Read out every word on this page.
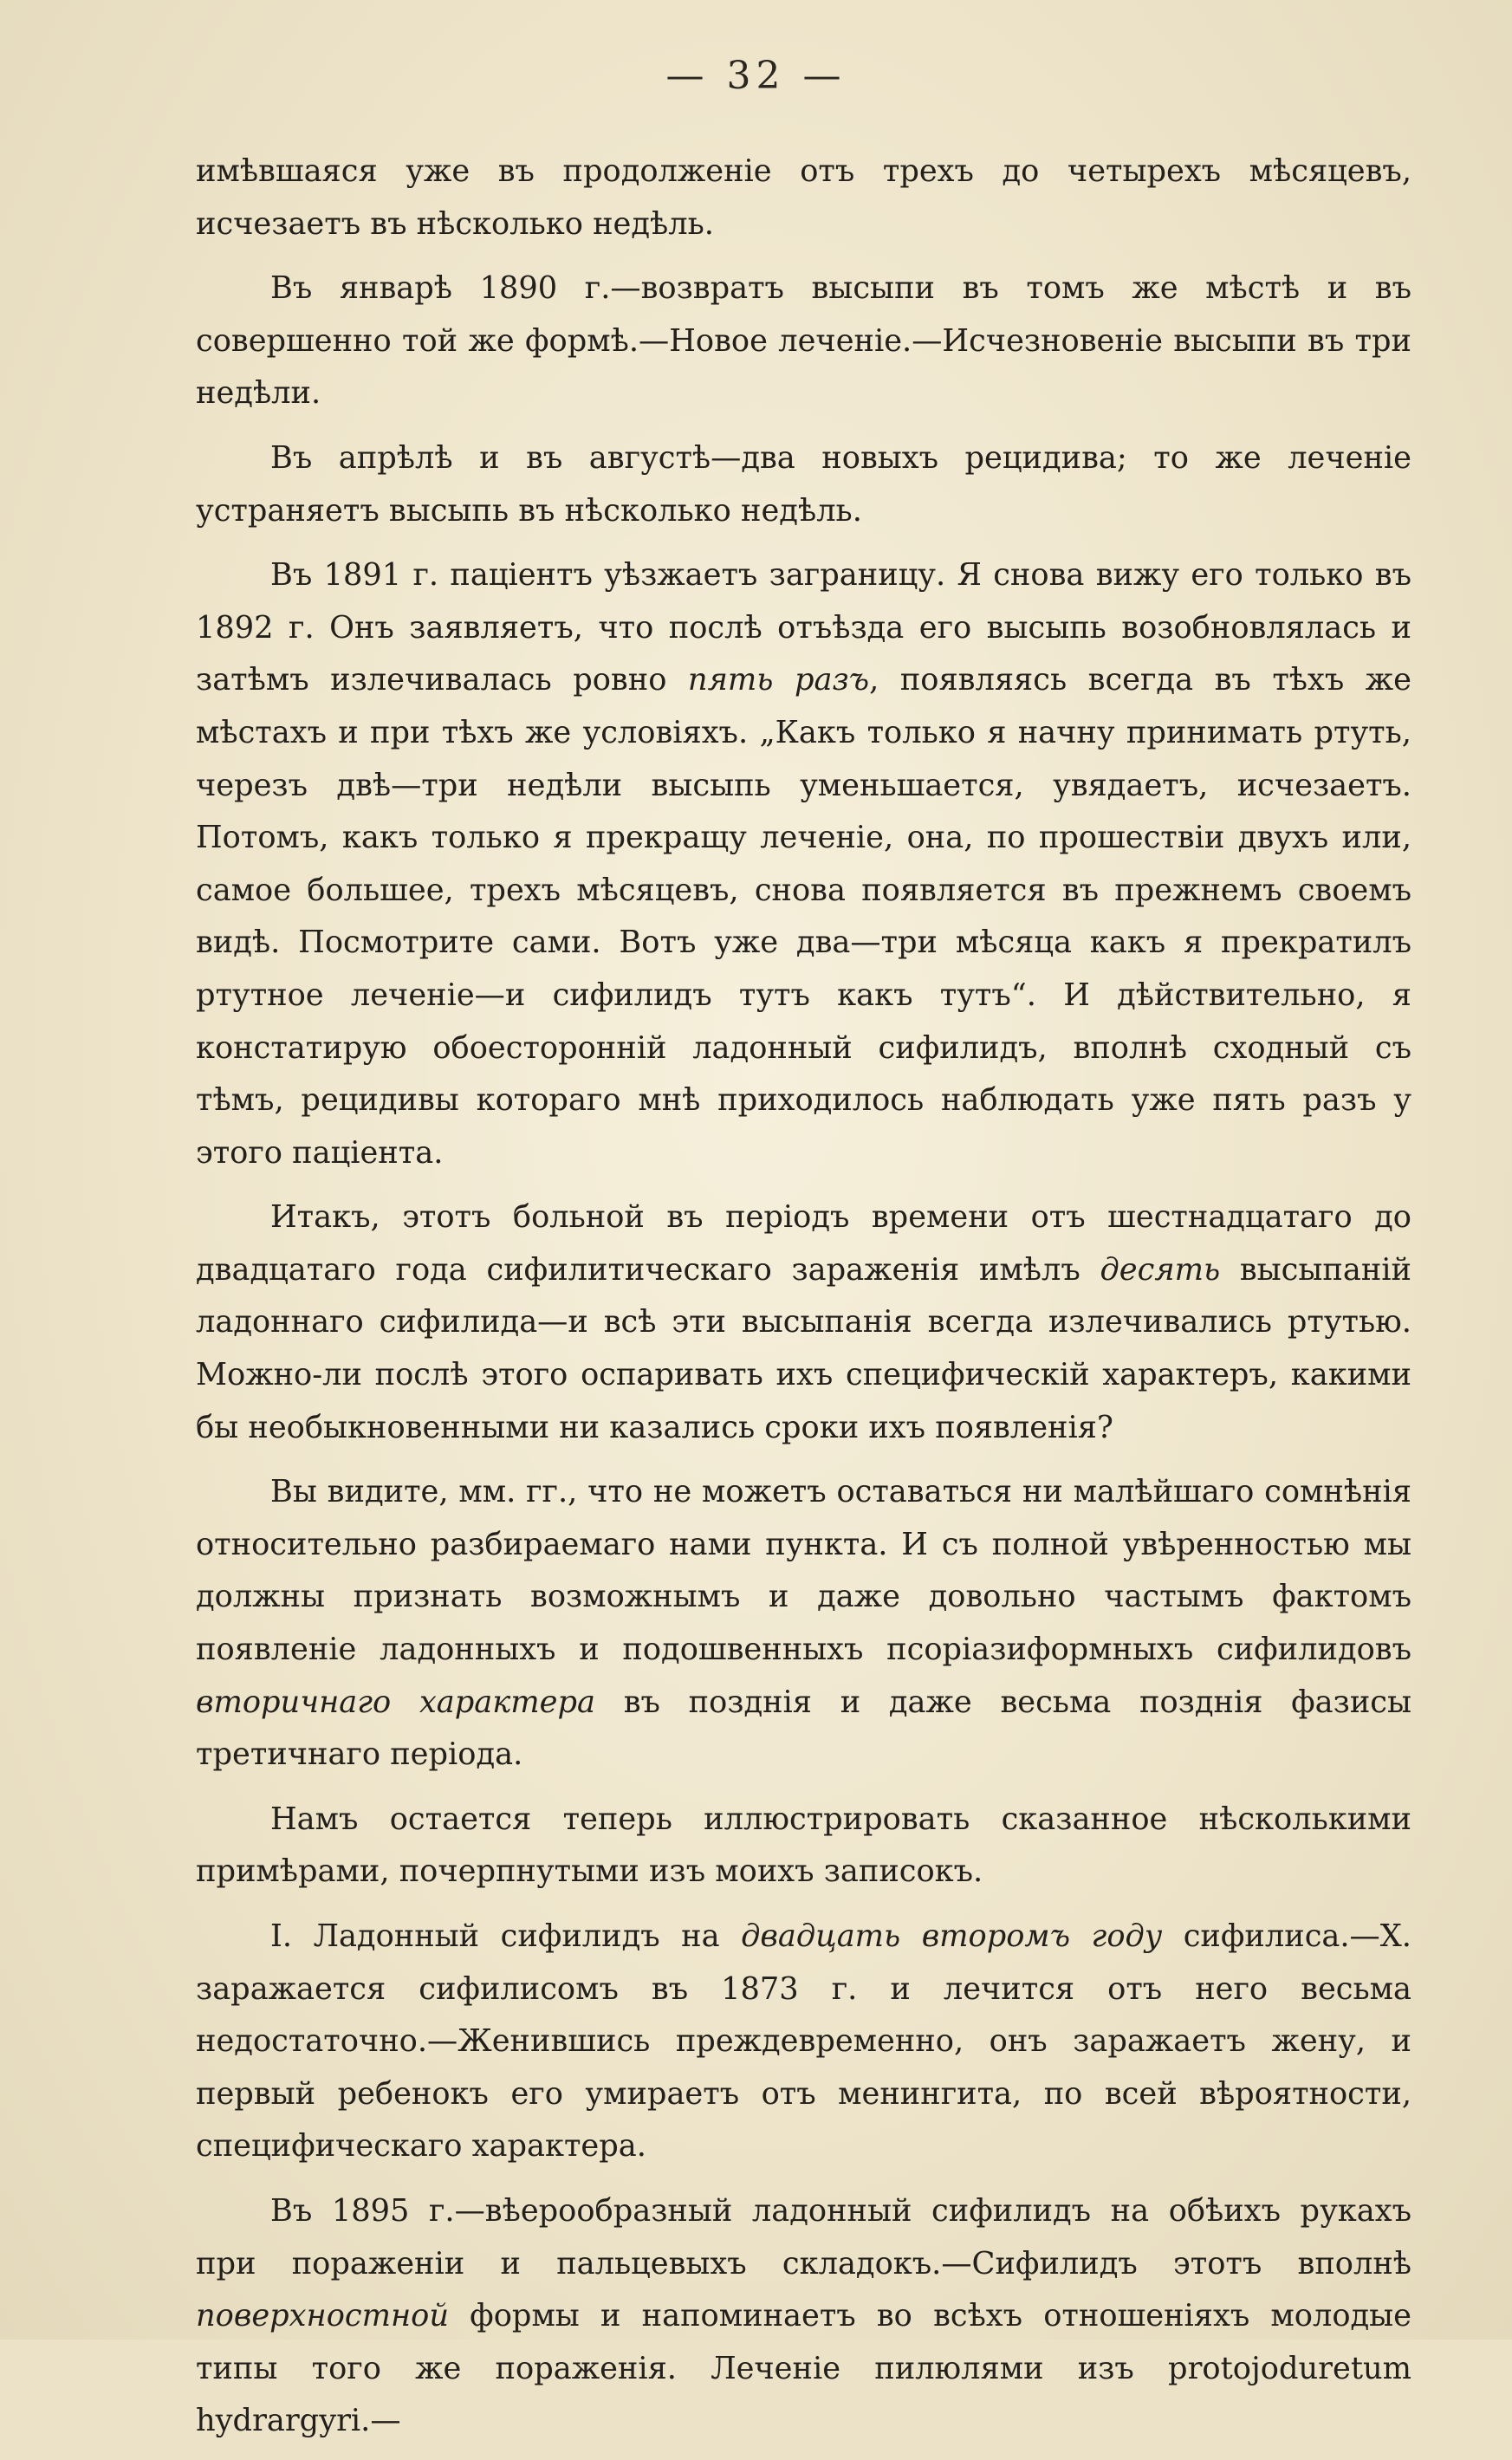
— 32 —

имѣвшаяся уже въ продолженіе отъ трехъ до четырехъ мѣсяцевъ, исчезаетъ въ нѣсколько недѣль.

Въ январѣ 1890 г.—возвратъ высыпи въ томъ же мѣстѣ и въ совершенно той же формѣ.—Новое леченіе.—Исчезновеніе высыпи въ три недѣли.

Въ апрѣлѣ и въ августѣ—два новыхъ рецидива; то же леченіе устраняетъ высыпь въ нѣсколько недѣль.

Въ 1891 г. паціентъ уѣзжаетъ заграницу. Я снова вижу его только въ 1892 г. Онъ заявляетъ, что послѣ отъѣзда его высыпь возобновлялась и затѣмъ излечивалась ровно пять разъ, появляясь всегда въ тѣхъ же мѣстахъ и при тѣхъ же условіяхъ. „Какъ только я начну принимать ртуть, черезъ двѣ—три недѣли высыпь уменьшается, увядаетъ, исчезаетъ. Потомъ, какъ только я прекращу леченіе, она, по прошествіи двухъ или, самое большее, трехъ мѣсяцевъ, снова появляется въ прежнемъ своемъ видѣ. Посмотрите сами. Вотъ уже два—три мѣсяца какъ я прекратилъ ртутное леченіе—и сифилидъ тутъ какъ тутъ“. И дѣйствительно, я констатирую обоесторонній ладонный сифилидъ, вполнѣ сходный съ тѣмъ, рецидивы котораго мнѣ приходилось наблюдать уже пять разъ у этого паціента.

Итакъ, этотъ больной въ періодъ времени отъ шестнадцатаго до двадцатаго года сифилитическаго зараженія имѣлъ десять высыпаній ладоннаго сифилида—и всѣ эти высыпанія всегда излечивались ртутью. Можно-ли послѣ этого оспаривать ихъ специфическій характеръ, какими бы необыкновенными ни казались сроки ихъ появленія?

Вы видите, мм. гг., что не можетъ оставаться ни малѣйшаго сомнѣнія относительно разбираемаго нами пункта. И съ полной увѣренностью мы должны признать возможнымъ и даже довольно частымъ фактомъ появленіе ладонныхъ и подошвенныхъ псоріазиформныхъ сифилидовъ вторичнаго характера въ позднія и даже весьма позднія фазисы третичнаго періода.

Намъ остается теперь иллюстрировать сказанное нѣсколькими примѣрами, почерпнутыми изъ моихъ записокъ.

I. Ладонный сифилидъ на двадцать второмъ году сифилиса.—X. заражается сифилисомъ въ 1873 г. и лечится отъ него весьма недостаточно.—Женившись преждевременно, онъ заражаетъ жену, и первый ребенокъ его умираетъ отъ менингита, по всей вѣроятности, специфическаго характера.

Въ 1895 г.—вѣерообразный ладонный сифилидъ на обѣихъ рукахъ при пораженіи и пальцевыхъ складокъ.—Сифилидъ этотъ вполнѣ поверхностной формы и напоминаетъ во всѣхъ отношеніяхъ молодые типы того же пораженія. Леченіе пилюлями изъ protojoduretum hydrargyri.—
